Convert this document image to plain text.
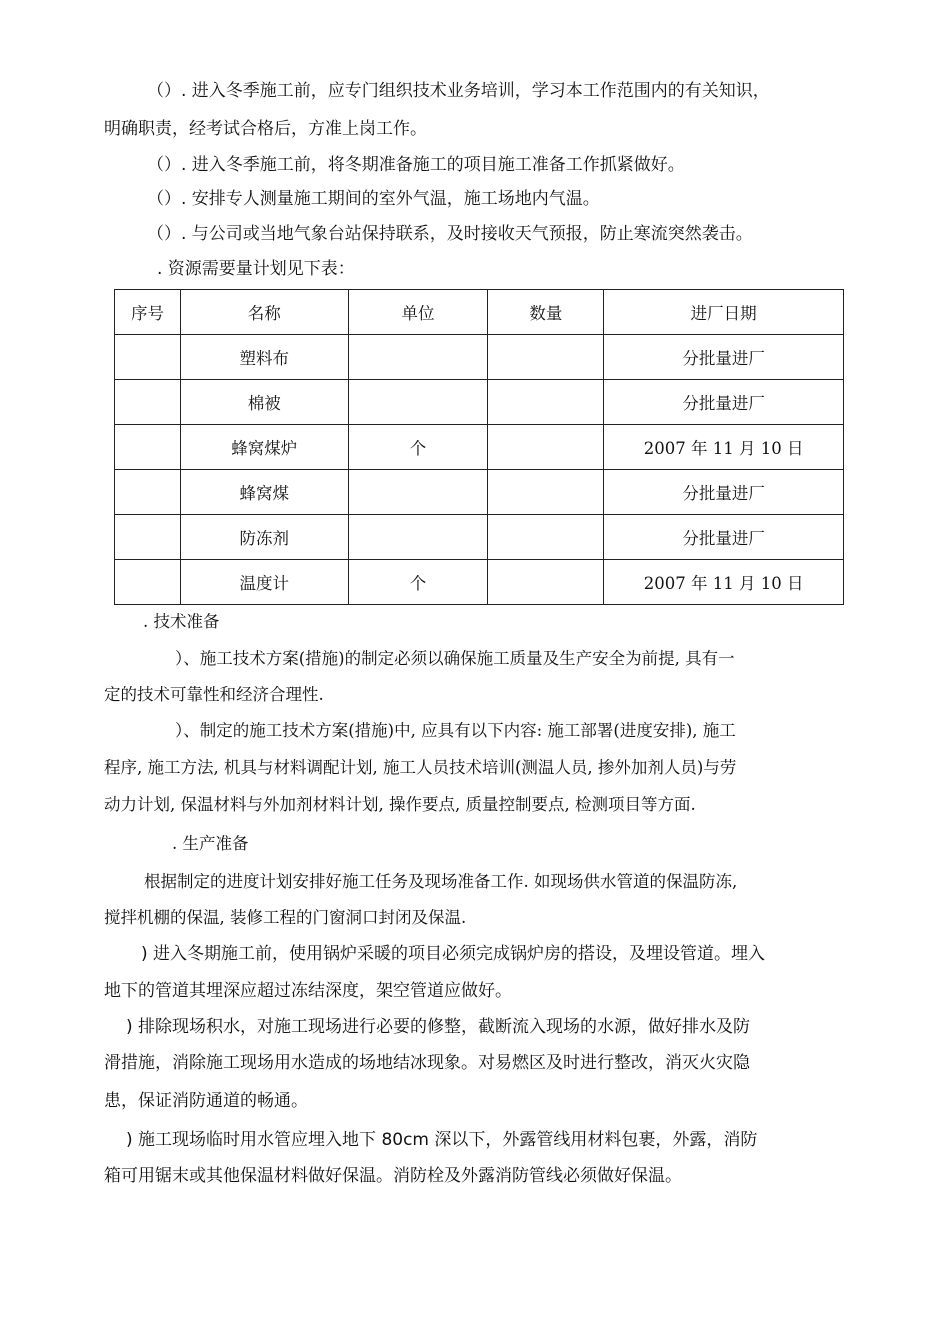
（）. 进入冬季施工前，应专门组织技术业务培训，学习本工作范围内的有关知识，
明确职责，经考试合格后，方准上岗工作。
（）. 进入冬季施工前，将冬期准备施工的项目施工准备工作抓紧做好。
（）. 安排专人测量施工期间的室外气温，施工场地内气温。
（）. 与公司或当地气象台站保持联系，及时接收天气预报，防止寒流突然袭击。
. 资源需要量计划见下表：
序号	名称	单位	数量	进厂日期
	塑料布			分批量进厂
	棉被			分批量进厂
	蜂窝煤炉	个		2007 年 11 月 10 日
	蜂窝煤			分批量进厂
	防冻剂			分批量进厂
	温度计	个		2007 年 11 月 10 日
. 技术准备
）、施工技术方案(措施)的制定必须以确保施工质量及生产安全为前提, 具有一
定的技术可靠性和经济合理性.
）、制定的施工技术方案(措施)中, 应具有以下内容: 施工部署(进度安排), 施工
程序, 施工方法, 机具与材料调配计划, 施工人员技术培训(测温人员, 掺外加剂人员)与劳
动力计划, 保温材料与外加剂材料计划, 操作要点, 质量控制要点, 检测项目等方面.
. 生产准备
根据制定的进度计划安排好施工任务及现场准备工作. 如现场供水管道的保温防冻,
搅拌机棚的保温, 装修工程的门窗洞口封闭及保温.
) 进入冬期施工前，使用锅炉采暖的项目必须完成锅炉房的搭设，及埋设管道。埋入
地下的管道其埋深应超过冻结深度，架空管道应做好。
) 排除现场积水，对施工现场进行必要的修整，截断流入现场的水源，做好排水及防
滑措施，消除施工现场用水造成的场地结冰现象。对易燃区及时进行整改，消灭火灾隐
患，保证消防通道的畅通。
) 施工现场临时用水管应埋入地下 80cm 深以下，外露管线用材料包裹，外露，消防
箱可用锯末或其他保温材料做好保温。消防栓及外露消防管线必须做好保温。
